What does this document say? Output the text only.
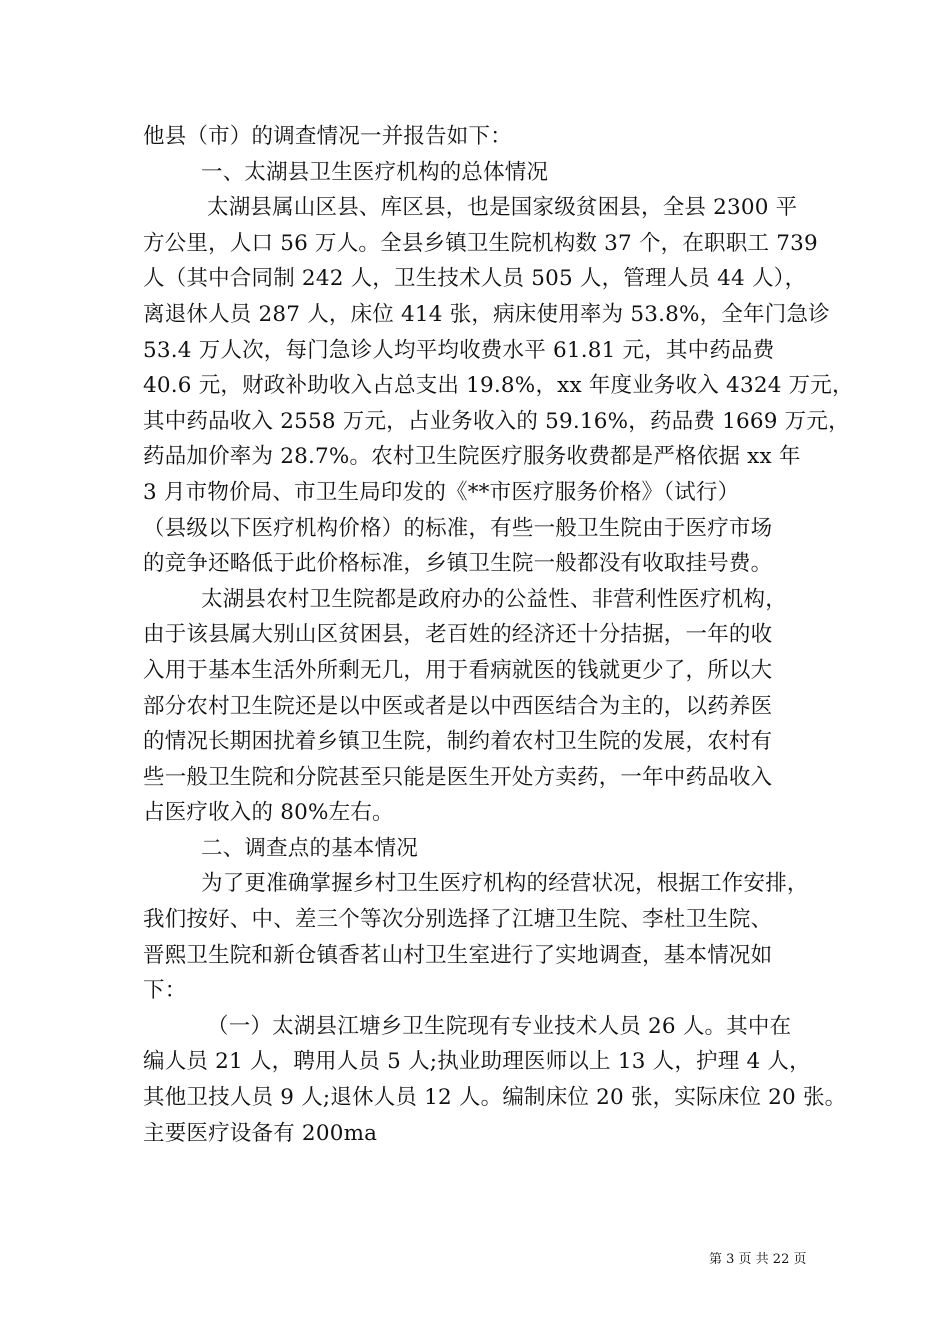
他县（市）的调查情况一并报告如下：
一、太湖县卫生医疗机构的总体情况
太湖县属山区县、库区县，也是国家级贫困县，全县 2300 平
方公里，人口 56 万人。全县乡镇卫生院机构数 37 个，在职职工 739
人（其中合同制 242 人，卫生技术人员 505 人，管理人员 44 人），
离退休人员 287 人，床位 414 张，病床使用率为 53.8%，全年门急诊
53.4 万人次，每门急诊人均平均收费水平 61.81 元，其中药品费
40.6 元，财政补助收入占总支出 19.8%，xx 年度业务收入 4324 万元，
其中药品收入 2558 万元，占业务收入的 59.16%，药品费 1669 万元，
药品加价率为 28.7%。农村卫生院医疗服务收费都是严格依据 xx 年
3 月市物价局、市卫生局印发的《**市医疗服务价格》（试行）
（县级以下医疗机构价格）的标准，有些一般卫生院由于医疗市场
的竞争还略低于此价格标准，乡镇卫生院一般都没有收取挂号费。
太湖县农村卫生院都是政府办的公益性、非营利性医疗机构，
由于该县属大别山区贫困县，老百姓的经济还十分拮据，一年的收
入用于基本生活外所剩无几，用于看病就医的钱就更少了，所以大
部分农村卫生院还是以中医或者是以中西医结合为主的，以药养医
的情况长期困扰着乡镇卫生院，制约着农村卫生院的发展，农村有
些一般卫生院和分院甚至只能是医生开处方卖药，一年中药品收入
占医疗收入的 80%左右。
二、调查点的基本情况
为了更准确掌握乡村卫生医疗机构的经营状况，根据工作安排，
我们按好、中、差三个等次分别选择了江塘卫生院、李杜卫生院、
晋熙卫生院和新仓镇香茗山村卫生室进行了实地调查，基本情况如
下：
（一）太湖县江塘乡卫生院现有专业技术人员 26 人。其中在
编人员 21 人，聘用人员 5 人;执业助理医师以上 13 人，护理 4 人，
其他卫技人员 9 人;退休人员 12 人。编制床位 20 张，实际床位 20 张。
主要医疗设备有 200ma
第 3 页 共 22 页
